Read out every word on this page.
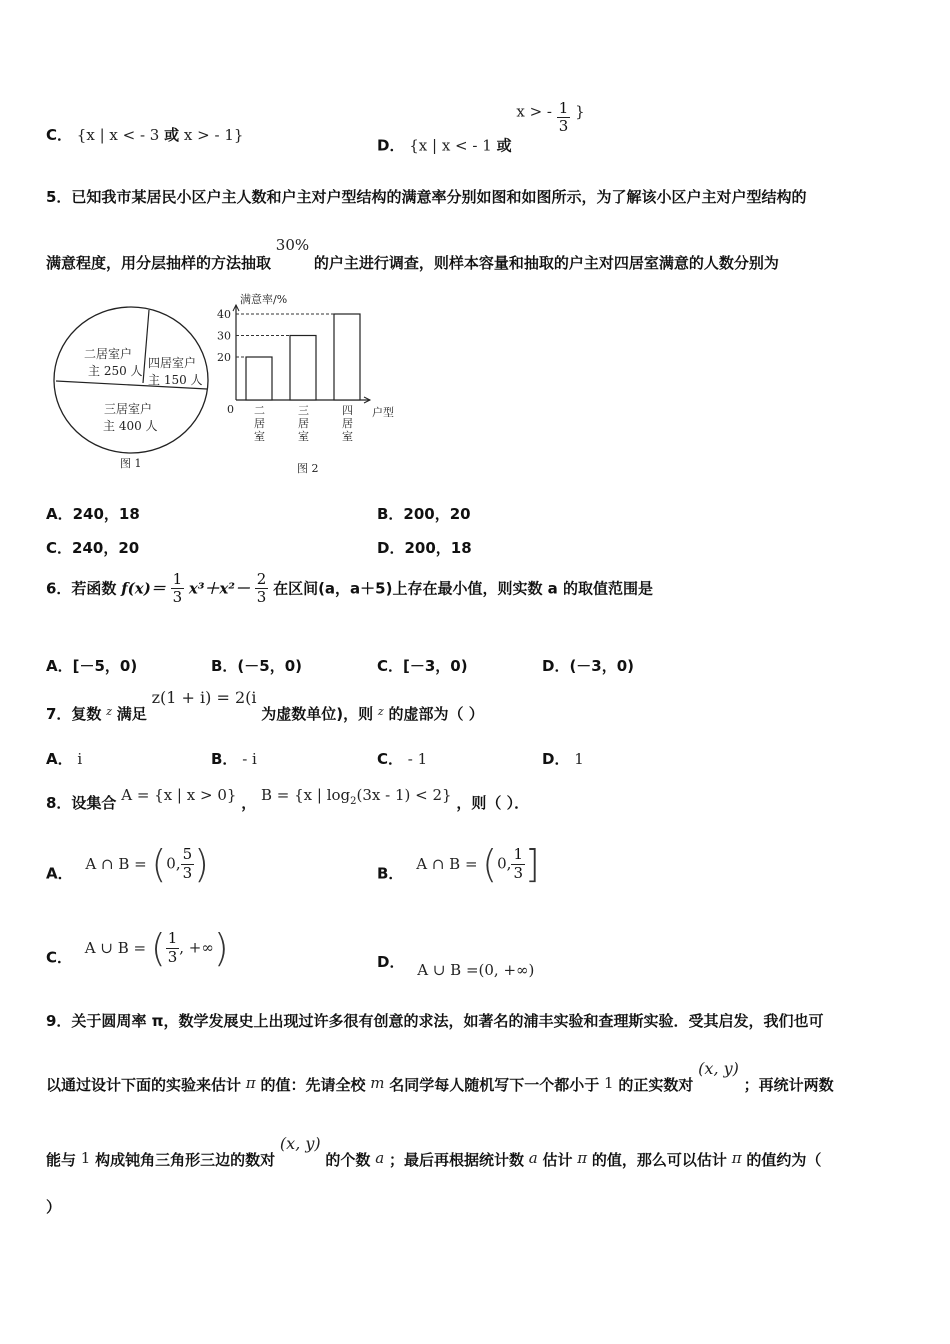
C． {x | x < - 3 或 x > - 1}
D． {x | x < - 1 或 x > - $\frac{1}{3}$ }
5．已知我市某居民小区户主人数和户主对户型结构的满意率分别如图和如图所示，为了解该小区户主对户型结构的
满意程度，用分层抽样的方法抽取 30% 的户主进行调查，则样本容量和抽取的户主对四居室满意的人数分别为
二居室户
主 250 人
四居室户
主 150 人
三居室户
主 400 人
图 1
满意率/%
户型
0
20
30
40
二
居
室
三
居
室
四
居
室
图 2
A．240，18	B．200，20
C．240，20	D．200，18
6．若函数 $f(x)= \frac{1}{3} x^3+x^2- \frac{2}{3}$ 在区间(a，a＋5)上存在最小值，则实数 a 的取值范围是
A．[－5，0)	B．(－5，0)	C．[－3，0)	D．(－3，0)
7．复数 $_z$ 满足 z(1 + i) = 2(i 为虚数单位)，则 $_z$ 的虚部为（ ）
A． i	B． - i	C． - 1	D． 1
8．设集合 A = {x | x > 0} ， B = {x | $\log_2(3x - 1) < 2$} ，则（ ）．
A． A ∩ B = (0, $\frac{5}{3}$ )	B． A ∩ B = (0, $\frac{1}{3}$ ]
C． A ∪ B = ( $\frac{1}{3}$ , +∞)	D． A ∪ B =(0, +∞)
9．关于圆周率 π，数学发展史上出现过许多很有创意的求法，如著名的浦丰实验和查理斯实验．受其启发，我们也可
以通过设计下面的实验来估计 π 的值：先请全校 m 名同学每人随机写下一个都小于 1 的正实数对 (x, y) ；再统计两数
能与 1 构成钝角三角形三边的数对 (x, y) 的个数 a ；最后再根据统计数 a 估计 π 的值，那么可以估计 π 的值约为（
）
